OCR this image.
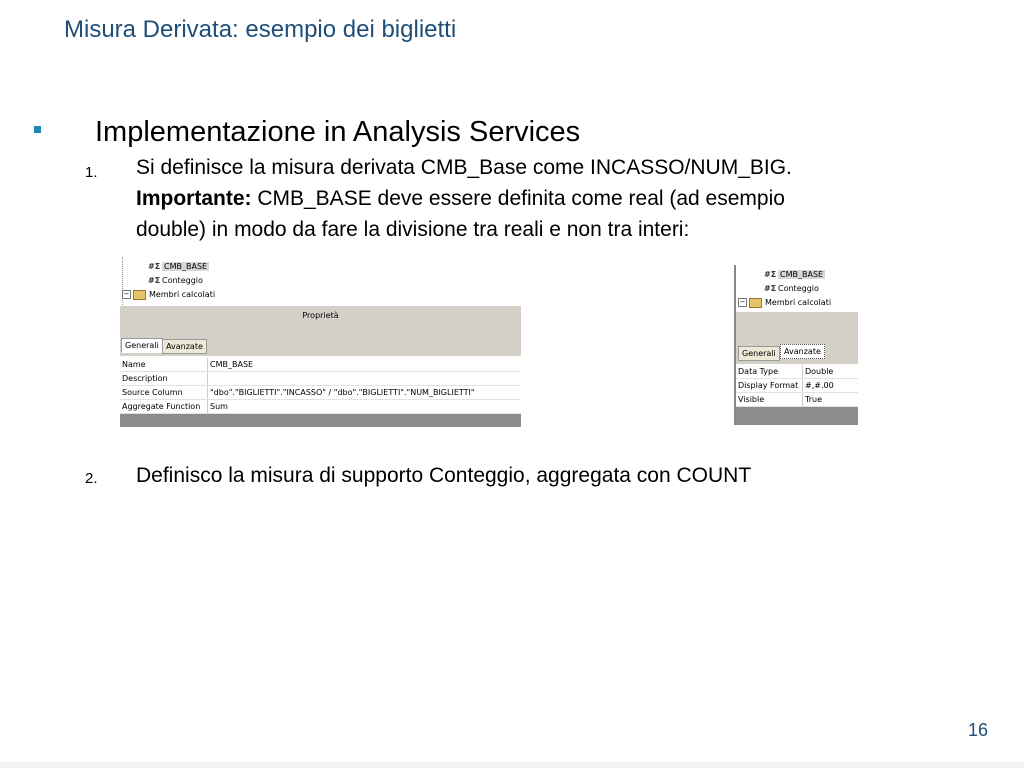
Misura Derivata: esempio dei biglietti
Implementazione in Analysis Services
1. Si definisce la misura derivata CMB_Base come INCASSO/NUM_BIG.
Importante: CMB_BASE deve essere definita come real (ad esempio
double) in modo da fare la divisione tra reali e non tra interi:
#Σ CMB_BASE
#Σ Conteggio
− Membri calcolati
Proprietà
Generali Avanzate
Name	CMB_BASE
Description
Source Column	"dbo"."BIGLIETTI"."INCASSO" / "dbo"."BIGLIETTI"."NUM_BIGLIETTI"
Aggregate Function	Sum
#Σ CMB_BASE
#Σ Conteggio
− Membri calcolati
Generali	Avanzate
Data Type	Double
Display Format #,#.00
Visible	True
2. Definisco la misura di supporto Conteggio, aggregata con COUNT
16
